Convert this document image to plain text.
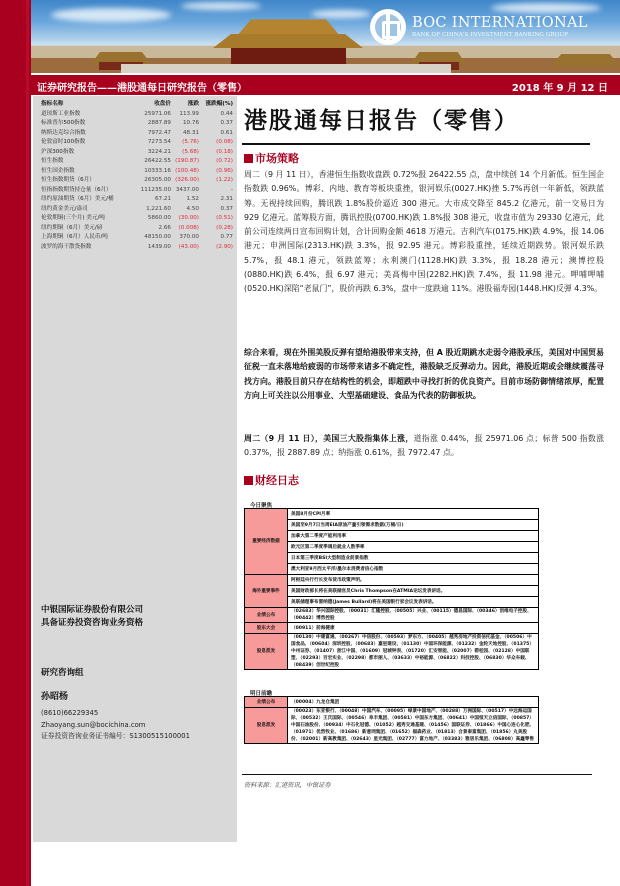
BOC INTERNATIONAL
BANK OF CHINA'S INVESTMENT BANKING GROUP
证券研究报告——港股通每日研究报告（零售）	2018 年 9 月 12 日
指标名称	收盘价	涨跌	涨跌幅(%)
道琼斯工业指数	25971.06	113.99	0.44
标准普尔500指数	2887.89	10.76	0.37
纳斯达克综合指数	7972.47	48.31	0.61
伦敦富时100指数	7273.54	(5.76)	(0.08)
沪深300指数	3224.21	(5.68)	(0.18)
恒生指数	26422.55	(190.87)	(0.72)
恒生国企指数	10333.16	(100.48)	(0.96)
恒生指数期货（6月）	26305.00	(326.00)	(1.22)
恒指指数期货持仓量（6月）	111235.00	3437.00	-
纽约原油期货（6月）美元/桶	67.21	1.52	2.31
纽约黄金美元/盎司	1,221.60	4.50	0.37
伦敦期铜(三个月) 美元/吨	5860.00	(30.00)	(0.51)
纽约期铜（6月）美元/磅	2.66	(0.008)	(0.28)
上海期铜（6月）人民币/吨	48150.00	370.00	0.77
波罗的海干散货指数	1439.00	(43.00)	(2.90)
中银国际证券股份有限公司
具备证券投资咨询业务资格
研究咨询组
孙昭杨
(8610)66229345
Zhaoyang.sun@bocichina.com
证券投资咨询业务证书编号：S1300515100001
港股通每日报告（零售）
市场策略
周二（9 月 11 日），香港恒生指数收盘跌 0.72%报 26422.55 点，盘中续创 14 个月新低。恒生国企指数跌 0.96%。博彩、内地、教育等板块重挫，银河娱乐(0027.HK)挫 5.7%再创一年新低，领跌蓝筹。无视持续回购，腾讯跌 1.8%股价逼近 300 港元。大市成交降至 845.2 亿港元，前一交易日为 929 亿港元。蓝筹股方面，腾讯控股(0700.HK)跌 1.8%报 308 港元，收盘市值为 29330 亿港元，此前公司连续两日宣布回购计划，合计回购金额 4618 万港元。吉利汽车(0175.HK)跌 4.9%，报 14.06 港元；申洲国际(2313.HK)跌 3.3%，报 92.95 港元。博彩股重挫，延续近期跌势。银河娱乐跌 5.7%，报 48.1 港元，领跌蓝筹；永利澳门(1128.HK)跌 3.3%，报 18.28 港元；澳博控股(0880.HK)跌 6.4%，报 6.97 港元；美高梅中国(2282.HK)跌 7.4%，报 11.98 港元。呷哺呷哺(0520.HK)深陷“老鼠门”，股价再跌 6.3%，盘中一度跌逾 11%。港股福寿园(1448.HK)反弹 4.3%。
综合来看，现在外围美股反弹有望给港股带来支持，但 A 股近期跳水走弱令港股承压，美国对中国贸易征税一直未落地给疲弱的市场带来诸多不确定性，港股缺乏反弹动力。因此，港股近期或会继续震荡寻找方向。港股目前只存在结构性的机会，即超跌中寻找打折的优良资产。目前市场防御情绪浓厚，配置方向上可关注以公用事业、大型基础建设、食品为代表的防御板块。
周二（9 月 11 日），美国三大股指集体上涨，道指涨 0.44%，报 25971.06 点；标普 500 指数涨 0.37%，报 2887.89 点；纳指涨 0.61%，报 7972.47 点。
财经日志
今日聚焦
重要经济数据	美国8月份CPI月率
	美国至9月7日当周EIA原油产量引领需求数据(万桶/日)
	加拿大第二季度产能利用率
	欧元区第二季度季调后就业人数季率
	日本第三季度BSI大型制造业前景指数
	澳大利亚9月西太平洋/墨尔本消费者信心指数
海外重要事件	阿根廷央行行长发布货币政策声明。
	美国财政部长将在美联储官员Chris Thompson在ATMIA论坛发表讲话。
	美联储理事布雷纳德(James Bullard)将在美国银行家会议发表讲话。
业绩公布	（02683）华兴国际控股、（00031）汇隆控股、（00505）兴业、（00115）德昌国际、（00346）创维电子控股、（00442）博然控股
股东大会	（00911）前海健康
股息派发	（00130）中建富通、（00267）中信股份、（00593）梦东方、（00405）越秀房地产投资信托基金、（00506）中国食品、（00604）深圳控股、（00683）嘉里建设、（01130）中国环保能源、（01232）金轮天地控股、（01375）中州证券、（01407）浙江中国、（01609）冠城钟表、（01720）汇安智能、（02007）碧桂园、（02128）中国联塑、（02293）百宏实业、（02298）都市丽人、（03633）中裕能源、（06822）科技控股、（06830）华众车载、（08439）创世纪控股
明日前瞻
业绩公布	（00004）九龙仓集团
股息派发	（00023）东亚银行、（00048）中国汽车、（00095）绿景中国地产、（00288）万洲国际、（00517）中远海运国际、（00532）王氏国际、（00546）阜丰集团、（00581）中国东方集团、（00641）中国恒天立信国际、（00857）中国石油股份、（00934）中石化冠德、（01052）越秀交通基建、（01456）国联证券、（01866）中国心连心化肥、（01971）优然牧业、（01686）新意网集团、（01652）福森药业、（01813）合景泰富集团、（01856）丸美股份、（02001）新高教集团、（02643）星光集团、（02777）富力地产、（03383）雅居乐集团、（06808）高鑫零售
资料来源：汇港资讯，中银证券
